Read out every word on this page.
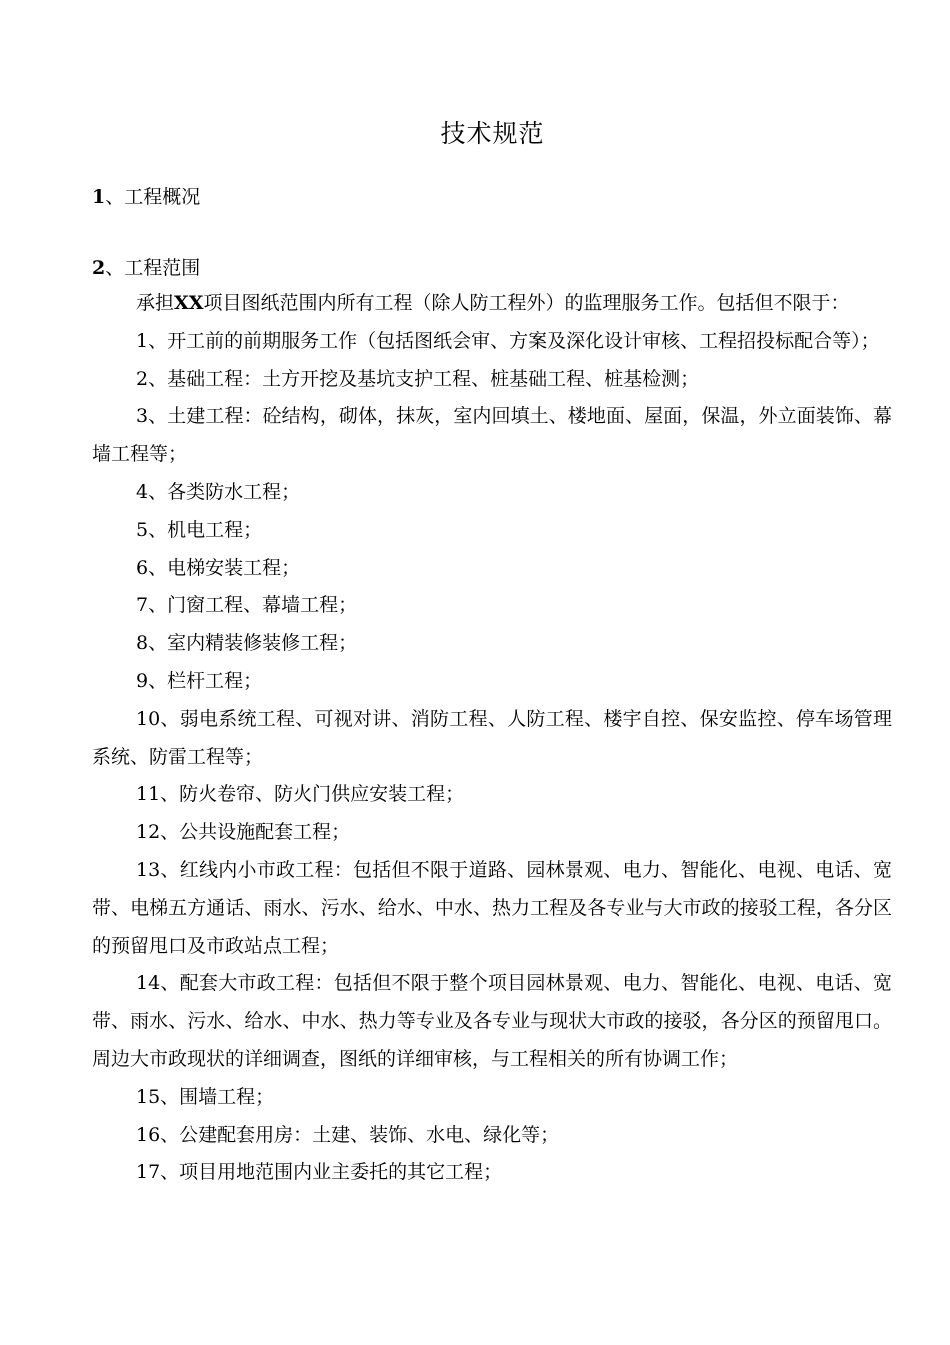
技术规范
1、工程概况
2、工程范围

承担XX项目图纸范围内所有工程（除人防工程外）的监理服务工作。包括但不限于：

1、开工前的前期服务工作（包括图纸会审、方案及深化设计审核、工程招投标配合等）；

2、基础工程：土方开挖及基坑支护工程、桩基础工程、桩基检测；

3、土建工程：砼结构，砌体，抹灰，室内回填土、楼地面、屋面，保温，外立面装饰、幕墙工程等；

4、各类防水工程；

5、机电工程；

6、电梯安装工程；

7、门窗工程、幕墙工程；

8、室内精装修装修工程；

9、栏杆工程；

10、弱电系统工程、可视对讲、消防工程、人防工程、楼宇自控、保安监控、停车场管理系统、防雷工程等；

11、防火卷帘、防火门供应安装工程；

12、公共设施配套工程；

13、红线内小市政工程：包括但不限于道路、园林景观、电力、智能化、电视、电话、宽带、电梯五方通话、雨水、污水、给水、中水、热力工程及各专业与大市政的接驳工程，各分区的预留甩口及市政站点工程；

14、配套大市政工程：包括但不限于整个项目园林景观、电力、智能化、电视、电话、宽带、雨水、污水、给水、中水、热力等专业及各专业与现状大市政的接驳，各分区的预留甩口。周边大市政现状的详细调查，图纸的详细审核，与工程相关的所有协调工作；

15、围墙工程；

16、公建配套用房：土建、装饰、水电、绿化等；

17、项目用地范围内业主委托的其它工程；
